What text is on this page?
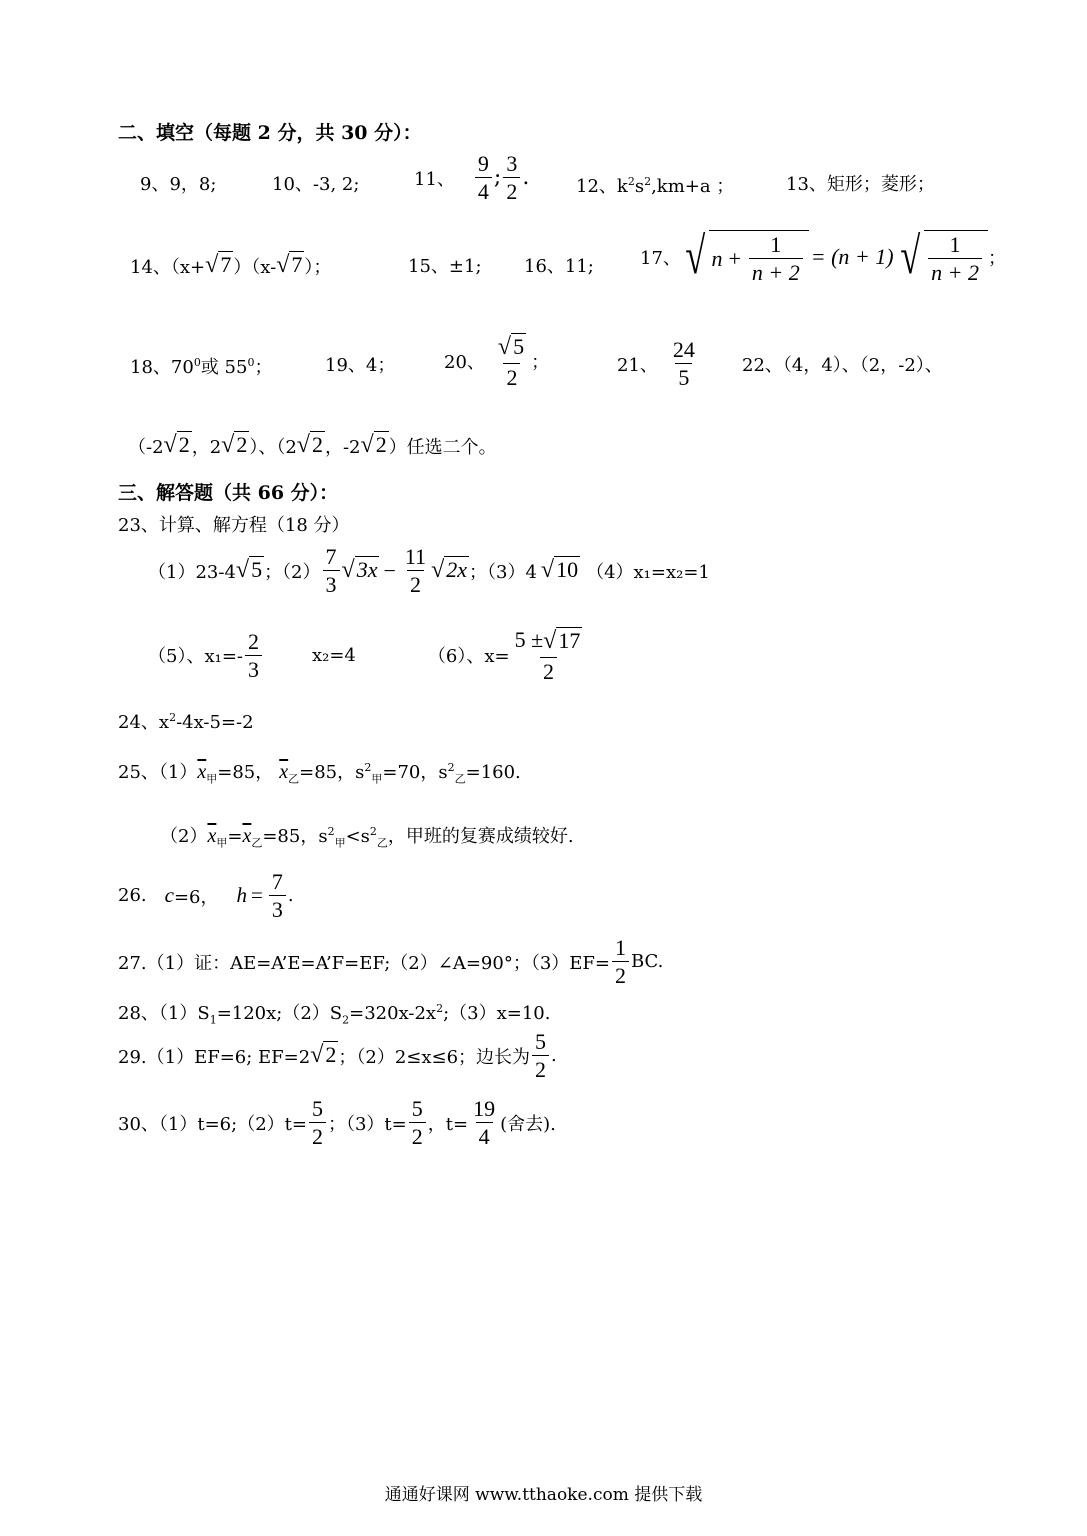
二、填空（每题 2 分，共 30 分）：
9、9，8;	10、-3, 2;	11、
9
4
;
3
2
.	12、$k^2s^2,km+a$ ；	13、矩形；菱形；
14、（x+ √7 ）（x- √7 ）；	15、±1; 16、11;	17、 √ $n + \frac{1}{n + 2} = (n + 1)$ √ 1
n + 2
；
18、$70^0$或 $55^0$；	19、4；	20、
√5
2
；	21、
24
5	22、（4，4）、（2，-2）、
（-2 √2 ，2 √2 ）、（2 √2 ，-2 √2 ）任选二个。
三、解答题（共 66 分）：
23、计算、解方程（18 分）
（1）23-4 √5 ；（2）
7
3
$√3x - \frac{11}{2} √2x$ ；（3）4 √10 （4）x₁=x₂=1
（5）、x₁=-
2
3
x₂=4	（6）、$x= \frac{5 \pm√17}{2}$
24、$x^2-4x-5=-2$
25、$(1)\overline{x}_甲=85$， $\overline{x}_乙=85$，$s^2_甲=70$，$s^2_乙=160$.
$(2)\overline{x}_甲=\overline{x}_乙=85$，$s^2_甲<s^2_乙$，甲班的复赛成绩较好.
26. c =6， $h = \frac{7}{3}$ .
27.（1）证：AE=A’E=A’F=EF;（2）∠A=90°；$(3)EF= \frac{1}{2}$ BC.
28、$(1)S_1=120x;(2)S_2=320x-2x^2;(3)x=10$.
29.（1）EF=6; EF=2 √2 ；（2）2≤x≤6；边长为
5
2
.
30、（1）t=6;（2）t= $\frac{5}{2}$ ；$(3)t= \frac{5}{2}$ ，$t= \frac{19}{4}$ (舍去).
通通好课网 www.tthaoke.com 提供下载
